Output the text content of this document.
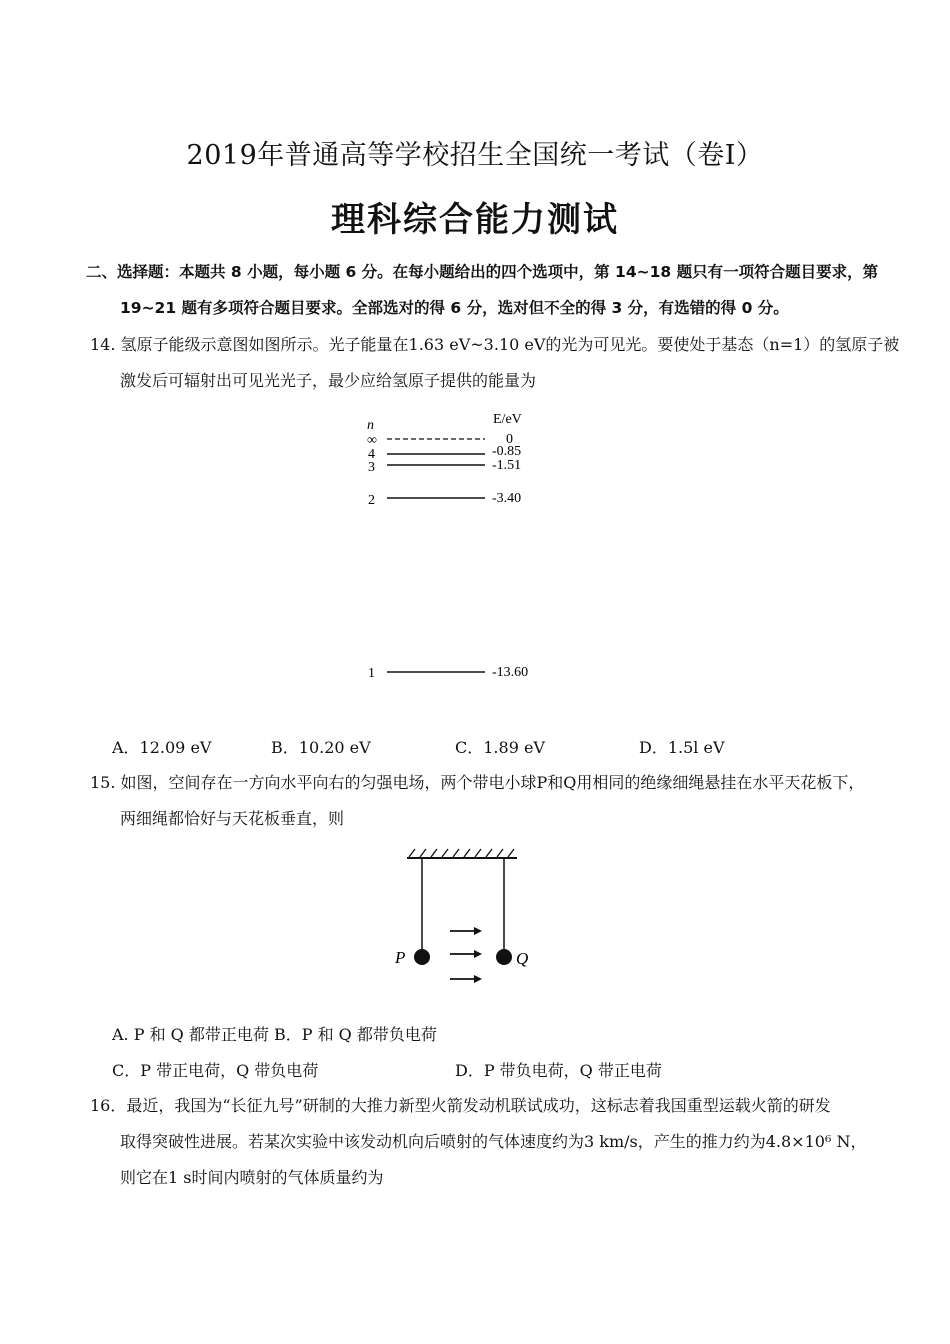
2019年普通高等学校招生全国统一考试（卷Ⅰ）
理科综合能力测试
二、选择题：本题共 8 小题，每小题 6 分。在每小题给出的四个选项中，第 14~18 题只有一项符合题目要求，第
19~21 题有多项符合题目要求。全部选对的得 6 分，选对但不全的得 3 分，有选错的得 0 分。
14. 氢原子能级示意图如图所示。光子能量在1.63 eV~3.10 eV的光为可见光。要使处于基态（n=1）的氢原子被
激发后可辐射出可见光光子，最少应给氢原子提供的能量为
n	E/eV
∞
4
3
2
1
0
-0.85
-1.51
-3.40
-13.60
A．12.09 eV	B．10.20 eV	C．1.89 eV	D．1.5l eV
15. 如图，空间存在一方向水平向右的匀强电场，两个带电小球P和Q用相同的绝缘细绳悬挂在水平天花板下，
两细绳都恰好与天花板垂直，则
P	Q
A. P 和 Q 都带正电荷 B．P 和 Q 都带负电荷
C．P 带正电荷，Q 带负电荷	D．P 带负电荷，Q 带正电荷
16．最近，我国为“长征九号”研制的大推力新型火箭发动机联试成功，这标志着我国重型运载火箭的研发
取得突破性进展。若某次实验中该发动机向后喷射的气体速度约为3 km/s，产生的推力约为4.8×10⁶ N，
则它在1 s时间内喷射的气体质量约为
